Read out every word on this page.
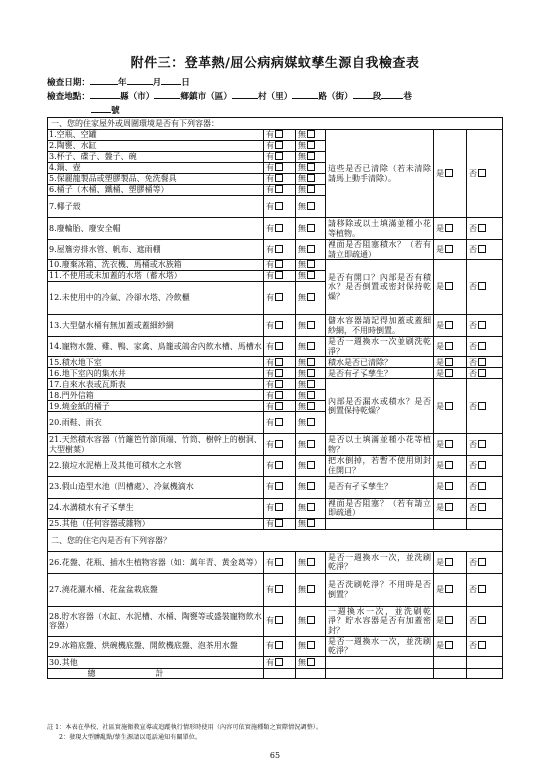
附件三：登革熱/屈公病病媒蚊孳生源自我檢查表
檢查日期：	年	月 日
檢查地點：	縣（市）	鄉鎮市（區）	村（里）	路（街） 段	巷
號
一、您的住家屋外或周圍環境是否有下列容器：					
1.空瓶、空罐	有	無	這些是否已清除（若未清除請馬上動手清除）。	是	否
2.陶甕、水缸	有	無			
3.杯子、碟子、盤子、碗	有	無			
4.鍋、壺	有	無			
5.保麗龍製品或塑膠製品、免洗餐具	有	無			
6.桶子（木桶、鐵桶、塑膠桶等）	有	無			
7.椰子殼	有	無			
8.廢輪胎、廢安全帽	有	無	請移除或以土填滿並種小花等植物。	是	否
9.屋簷旁排水管、帆布、遮雨棚	有	無	裡面是否阻塞積水？（若有請立即疏通）	是	否
10.廢棄冰箱、洗衣機、馬桶或水族箱	有	無	是否有開口？內部是否有積水？是否倒置或密封保持乾燥？	是	否
11.不使用或未加蓋的水塔（蓄水塔）	有	無			
12.未使用中的冷氣、冷卻水塔、冷飲櫃	有	無			
13.大型儲水桶有無加蓋或蓋細紗網	有	無	儲水容器請記得加蓋或蓋細紗網，不用時倒置。	是	否
14.寵物水盤、雞、鴨、家禽、鳥籠或鴿舍內飲水槽、馬槽水	有	無	是否一週換水一次並刷洗乾淨？	是	否
15.積水地下室	有	無	積水是否已清除？	是	否
16.地下室內的集水井	有	無	是否有孑孓孳生？	是	否
17.自來水表或瓦斯表	有	無	內部是否漏水或積水？是否倒置保持乾燥？	是	否
18.門外信箱	有	無			
19.燒金紙的桶子	有	無			
20.雨鞋、雨衣	有	無			
21.天然積水容器（竹籬笆竹節頂端、竹筒、樹幹上的樹洞、大型樹葉）	有	無	是否以土填滿並種小花等植物？	是	否
22.猿垃水泥樁上及其他可積水之水管	有	無	把水倒掉，若暫不使用則封住開口？	是	否
23.假山造型水池（凹槽處）、冷氣機滴水	有	無	是否有孑孓孳生？	是	否
24.水溝積水有孑孓孳生	有	無	裡面是否阻塞？（若有請立即疏通）	是	否
25.其他（任何容器或雜物）	有	無			
二、您的住宅內是否有下列容器？					
26.花盤、花瓶、插水生植物容器（如：萬年青、黃金葛等）	有	無	是否一週換水一次，並洗刷乾淨？	是	否
27.澆花灑水桶、花盆盆栽底盤	有	無	是否洗刷乾淨？不用時是否倒置？	是	否
28.貯水容器（水缸、水泥槽、水桶、陶甕等或盛裝寵物飲水容器）	有	無	一週換水一次，並洗刷乾淨？貯水容器是否有加蓋密封？	是	否
29.冰箱底盤、烘碗機底盤、開飲機底盤、泡茶用水盤	有	無	是否一週換水一次，並洗刷乾淨？	是	否
30.其他	有	無			
總計					
註 1：本表在學校、社區實施衛教宣導或追蹤執行情形時使用（內容可依實施種類之實際情況調整）。
2：發現大型髒亂點/孳生源請以電話通知有關單位。
65
